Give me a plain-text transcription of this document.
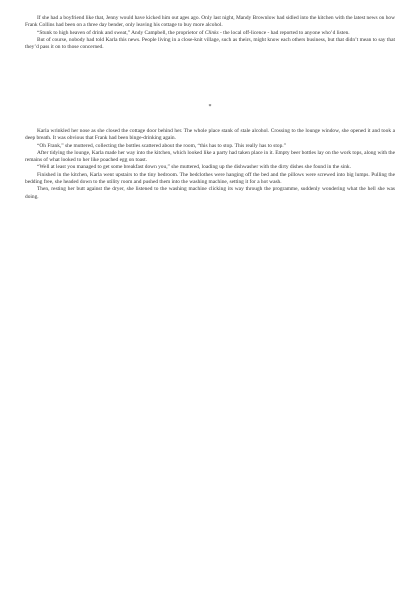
If she had a boyfriend like that, Jenny would have kicked him out ages ago. Only last night, Mandy Brownlow had sidled into the kitchen with the latest news on how Frank Collins had been on a three day bender, only leaving his cottage to buy more alcohol.

“Stunk to high heaven of drink and sweat,” Andy Campbell, the proprietor of Clinks - the local off-licence - had reported to anyone who’d listen.

But of course, nobody had told Karla this news. People living in a close-knit village, such as theirs, might know each others business, but that didn’t mean to say that they’d pass it on to those concerned.

*

Karla wrinkled her nose as she closed the cottage door behind her. The whole place stank of stale alcohol. Crossing to the lounge window, she opened it and took a deep breath. It was obvious that Frank had been binge-drinking again.

“Oh Frank,” she muttered, collecting the bottles scattered about the room, “this has to stop. This really has to stop.”

After tidying the lounge, Karla made her way into the kitchen, which looked like a party had taken place in it. Empty beer bottles lay on the work tops, along with the remains of what looked to her like poached egg on toast.

“Well at least you managed to get some breakfast down you,” she muttered, loading up the dishwasher with the dirty dishes she found in the sink.

Finished in the kitchen, Karla went upstairs to the tiny bedroom. The bedclothes were hanging off the bed and the pillows were screwed into big lumps. Pulling the bedding free, she headed down to the utility room and pushed them into the washing machine, setting it for a hot wash.

Then, resting her butt against the dryer, she listened to the washing machine clicking its way through the programme, suddenly wondering what the hell she was doing.
